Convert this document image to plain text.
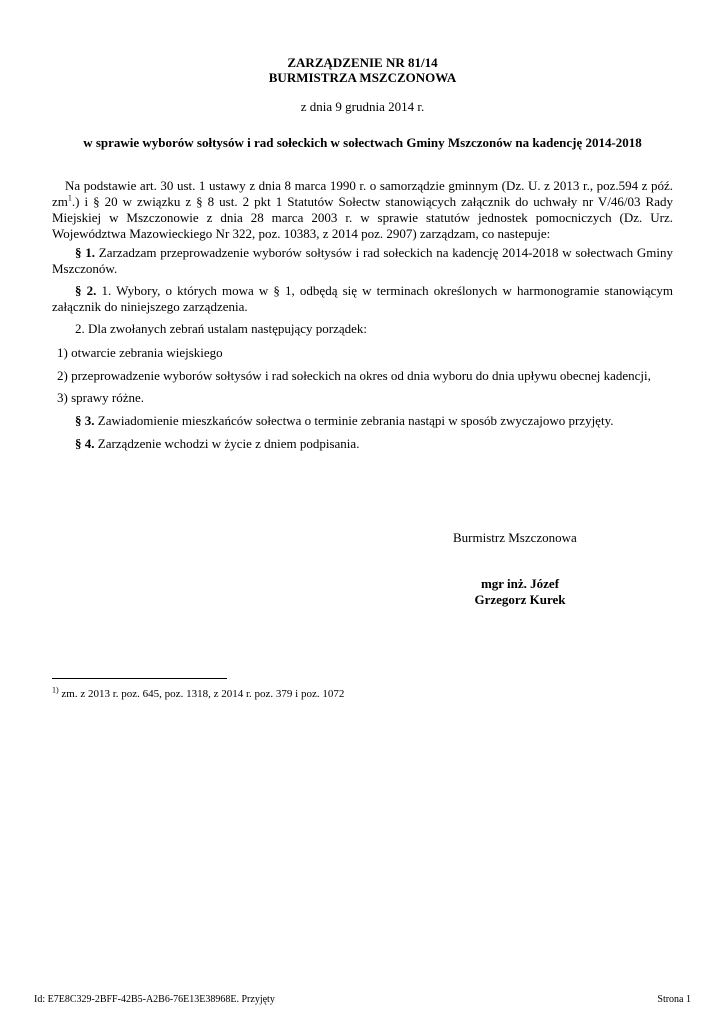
ZARZĄDZENIE NR 81/14
BURMISTRZA MSZCZONOWA
z dnia 9 grudnia 2014 r.
w sprawie wyborów sołtysów i rad sołeckich w sołectwach Gminy Mszczonów na kadencję 2014-2018

Na podstawie art. 30 ust. 1 ustawy z dnia 8 marca 1990 r. o samorządzie gminnym (Dz. U. z 2013 r., poz.594 z póź. $zm^1$.) i § 20 w związku z § 8 ust. 2 pkt 1 Statutów Sołectw stanowiących załącznik do uchwały nr V/46/03 Rady Miejskiej w Mszczonowie z dnia 28 marca 2003 r. w sprawie statutów jednostek pomocniczych (Dz. Urz. Województwa Mazowieckiego Nr 322, poz. 10383, z 2014 poz. 2907) zarządzam, co nastepuje:

§ 1. Zarzadzam przeprowadzenie wyborów sołtysów i rad sołeckich na kadencję 2014-2018 w sołectwach Gminy Mszczonów.

§ 2. 1. Wybory, o których mowa w § 1, odbędą się w terminach określonych w harmonogramie stanowiącym załącznik do niniejszego zarządzenia.

2. Dla zwołanych zebrań ustalam następujący porządek:

1) otwarcie zebrania wiejskiego

2) przeprowadzenie wyborów sołtysów i rad sołeckich na okres od dnia wyboru do dnia upływu obecnej kadencji,

3) sprawy różne.

§ 3. Zawiadomienie mieszkańców sołectwa o terminie zebrania nastąpi w sposób zwyczajowo przyjęty.

§ 4. Zarządzenie wchodzi w życie z dniem podpisania.

Burmistrz Mszczonowa
mgr inż. Józef
Grzegorz Kurek
$^{1)}$ zm. z 2013 r. poz. 645, poz. 1318, z 2014 r. poz. 379 i poz. 1072
Id: E7E8C329-2BFF-42B5-A2B6-76E13E38968E. Przyjęty	Strona 1
